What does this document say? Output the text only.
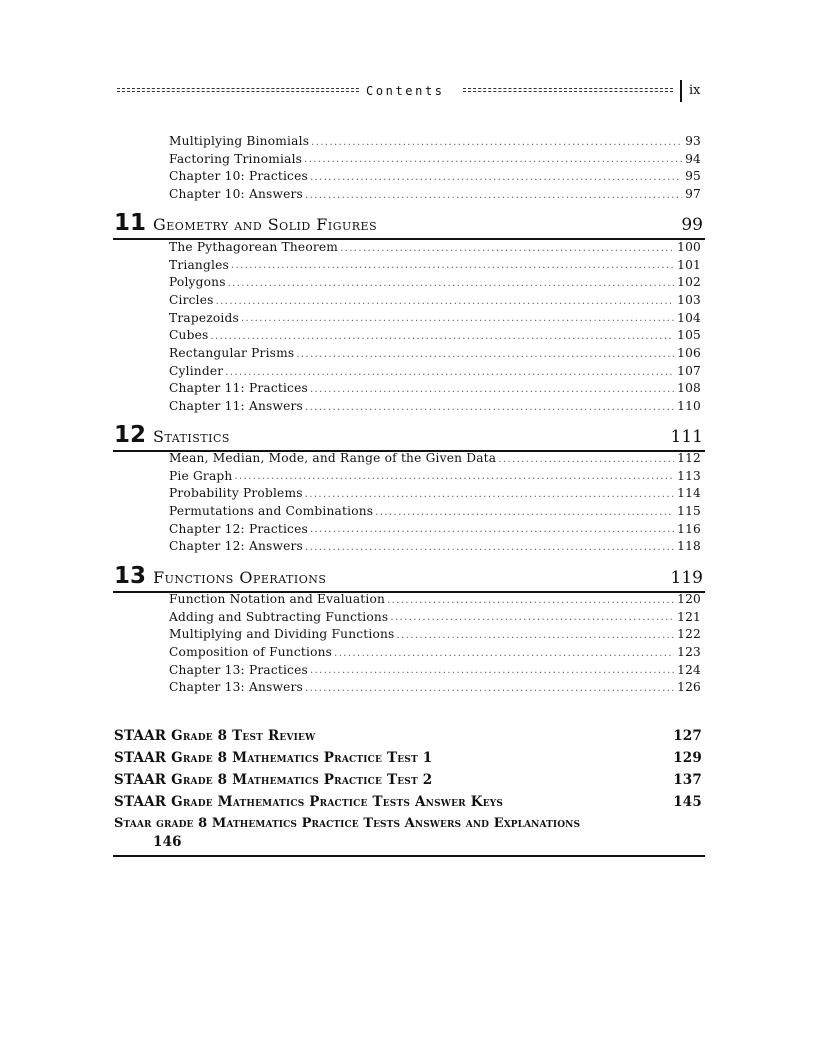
Contents	ix
Multiplying Binomials .....	93
Factoring Trinomials .....	94
Chapter 10: Practices .....	95
Chapter 10: Answers .....	97
11 Geometry and Solid Figures	99
The Pythagorean Theorem .....	100
Triangles .....	101
Polygons .....	102
Circles .....	103
Trapezoids .....	104
Cubes .....	105
Rectangular Prisms .....	106
Cylinder .....	107
Chapter 11: Practices .....	108
Chapter 11: Answers .....	110
12 Statistics	111
Mean, Median, Mode, and Range of the Given Data .....	112
Pie Graph .....	113
Probability Problems .....	114
Permutations and Combinations .....	115
Chapter 12: Practices .....	116
Chapter 12: Answers .....	118
13 Functions Operations	119
Function Notation and Evaluation .....	120
Adding and Subtracting Functions .....	121
Multiplying and Dividing Functions .....	122
Composition of Functions .....	123
Chapter 13: Practices .....	124
Chapter 13: Answers .....	126
STAAR Grade 8 Test Review	127
STAAR Grade 8 Mathematics Practice Test 1	129
STAAR Grade 8 Mathematics Practice Test 2	137
STAAR Grade Mathematics Practice Tests Answer Keys	145
Staar grade 8 Mathematics Practice Tests Answers and Explanations
146
